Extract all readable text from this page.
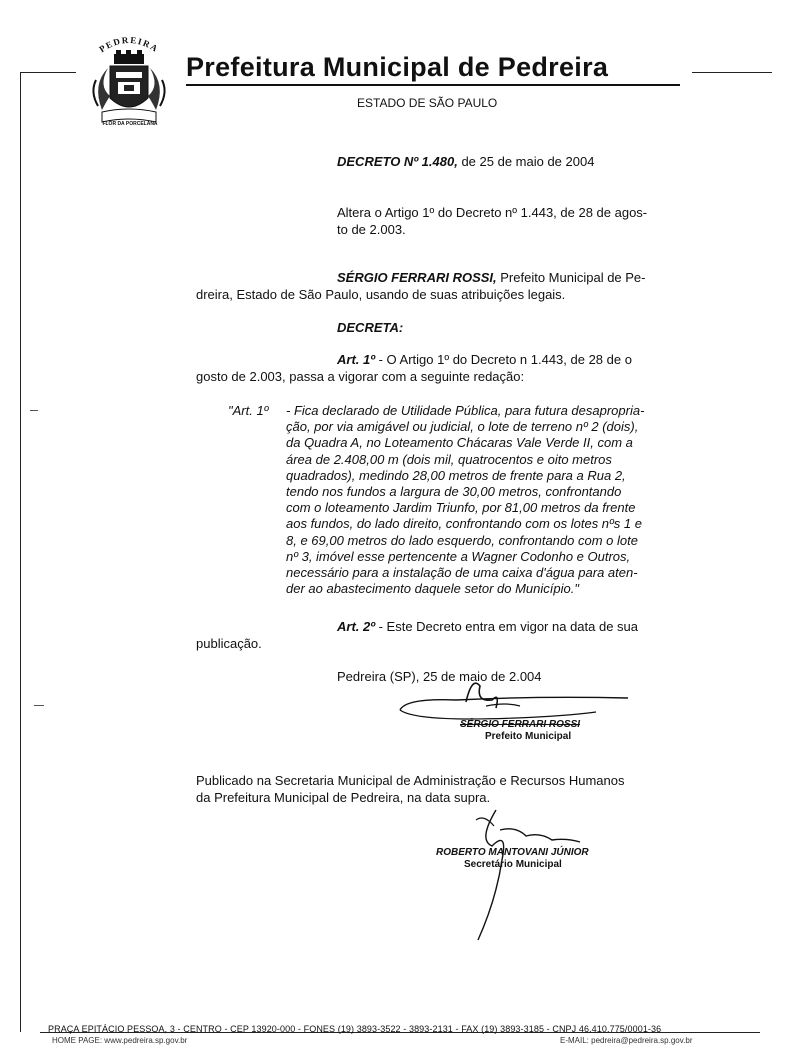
PEDREIRA
FLOR DA PORCELANA
Prefeitura Municipal de Pedreira
ESTADO DE SÃO PAULO
DECRETO Nº 1.480, de 25 de maio de 2004
Altera o Artigo 1º do Decreto nº 1.443, de 28 de agos-
to de 2.003.
SÉRGIO FERRARI ROSSI, Prefeito Municipal de Pe-
dreira, Estado de São Paulo, usando de suas atribuições legais.
DECRETA:
Art. 1º - O Artigo 1º do Decreto n 1.443, de 28 de o
gosto de 2.003, passa a vigorar com a seguinte redação:
"Art. 1º - Fica declarado de Utilidade Pública, para futura desapropria-
ção, por via amigável ou judicial, o lote de terreno nº 2 (dois),
da Quadra A, no Loteamento Chácaras Vale Verde II, com a
área de 2.408,00 m (dois mil, quatrocentos e oito metros
quadrados), medindo 28,00 metros de frente para a Rua 2,
tendo nos fundos a largura de 30,00 metros, confrontando
com o loteamento Jardim Triunfo, por 81,00 metros da frente
aos fundos, do lado direito, confrontando com os lotes nºs 1 e
8, e 69,00 metros do lado esquerdo, confrontando com o lote
nº 3, imóvel esse pertencente a Wagner Codonho e Outros,
necessário para a instalação de uma caixa d'água para aten-
der ao abastecimento daquele setor do Município."
Art. 2º - Este Decreto entra em vigor na data de sua
publicação.
Pedreira (SP), 25 de maio de 2.004
SÉRGIO FERRARI ROSSI
Prefeito Municipal
Publicado na Secretaria Municipal de Administração e Recursos Humanos
da Prefeitura Municipal de Pedreira, na data supra.
ROBERTO MANTOVANI JÚNIOR
Secretário Municipal
PRAÇA EPITÁCIO PESSOA, 3 - CENTRO - CEP 13920-000 - FONES (19) 3893-3522 - 3893-2131 - FAX (19) 3893-3185 - CNPJ 46.410.775/0001-36
HOME PAGE: www.pedreira.sp.gov.br	E-MAIL: pedreira@pedreira.sp.gov.br
